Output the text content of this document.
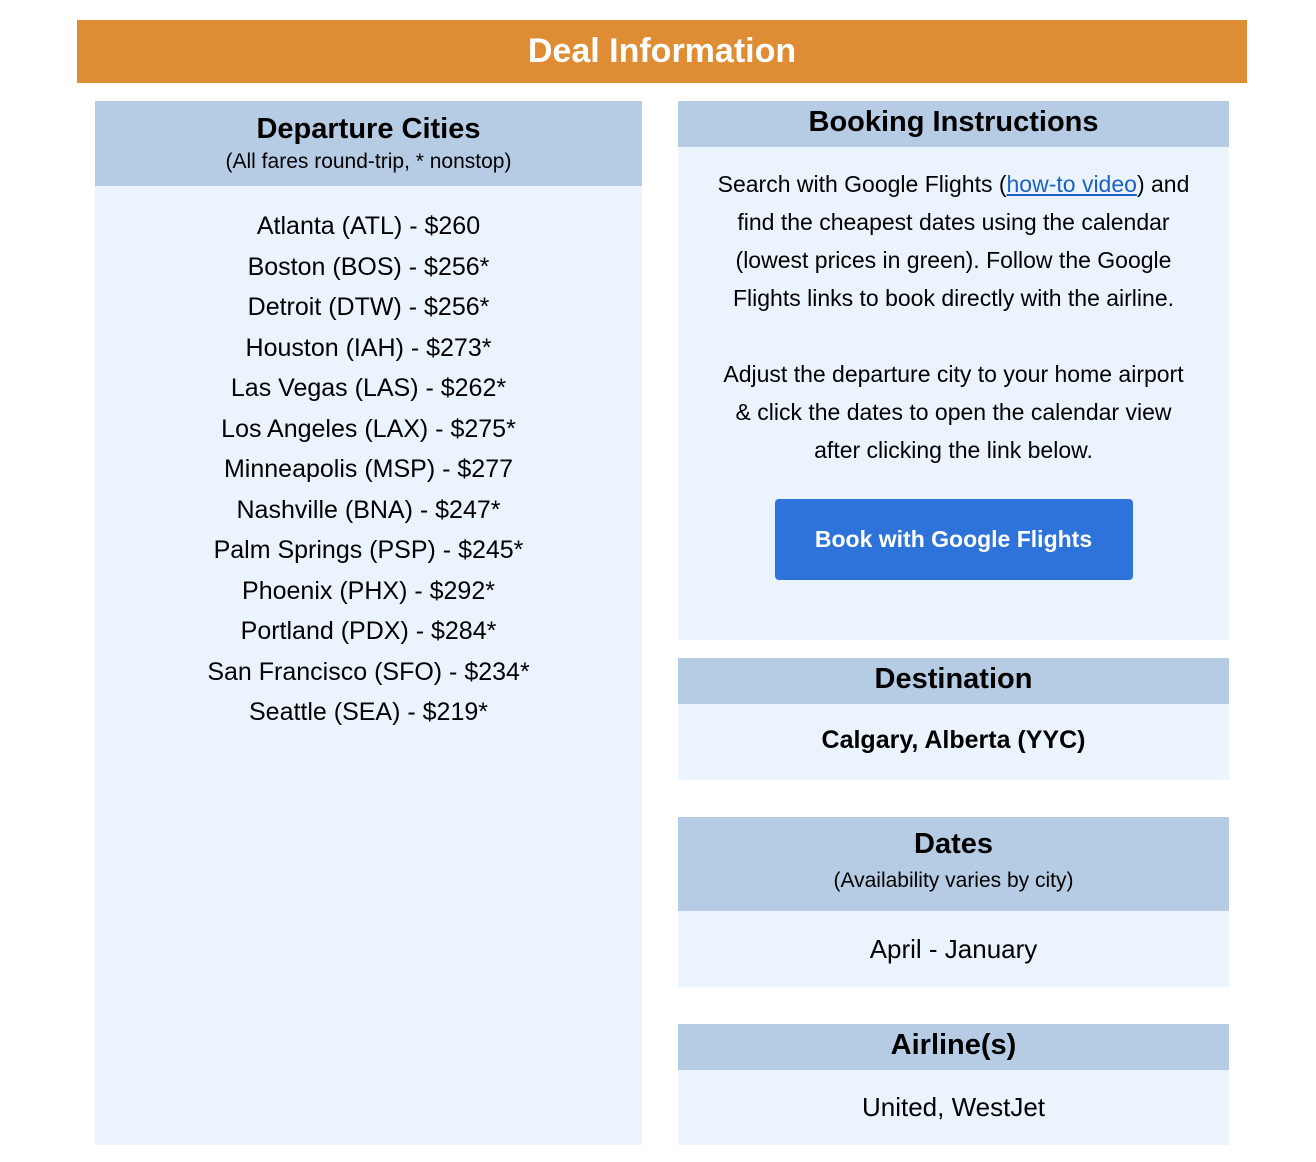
Deal Information
Departure Cities
(All fares round-trip, * nonstop)
Atlanta (ATL) - $260
Boston (BOS) - $256*
Detroit (DTW) - $256*
Houston (IAH) - $273*
Las Vegas (LAS) - $262*
Los Angeles (LAX) - $275*
Minneapolis (MSP) - $277
Nashville (BNA) - $247*
Palm Springs (PSP) - $245*
Phoenix (PHX) - $292*
Portland (PDX) - $284*
San Francisco (SFO) - $234*
Seattle (SEA) - $219*
Booking Instructions

Search with Google Flights (how-to video) and find the cheapest dates using the calendar (lowest prices in green). Follow the Google Flights links to book directly with the airline.

Adjust the departure city to your home airport & click the dates to open the calendar view after clicking the link below.

Book with Google Flights
Destination
Calgary, Alberta (YYC)
Dates
(Availability varies by city)
April - January
Airline(s)
United, WestJet
